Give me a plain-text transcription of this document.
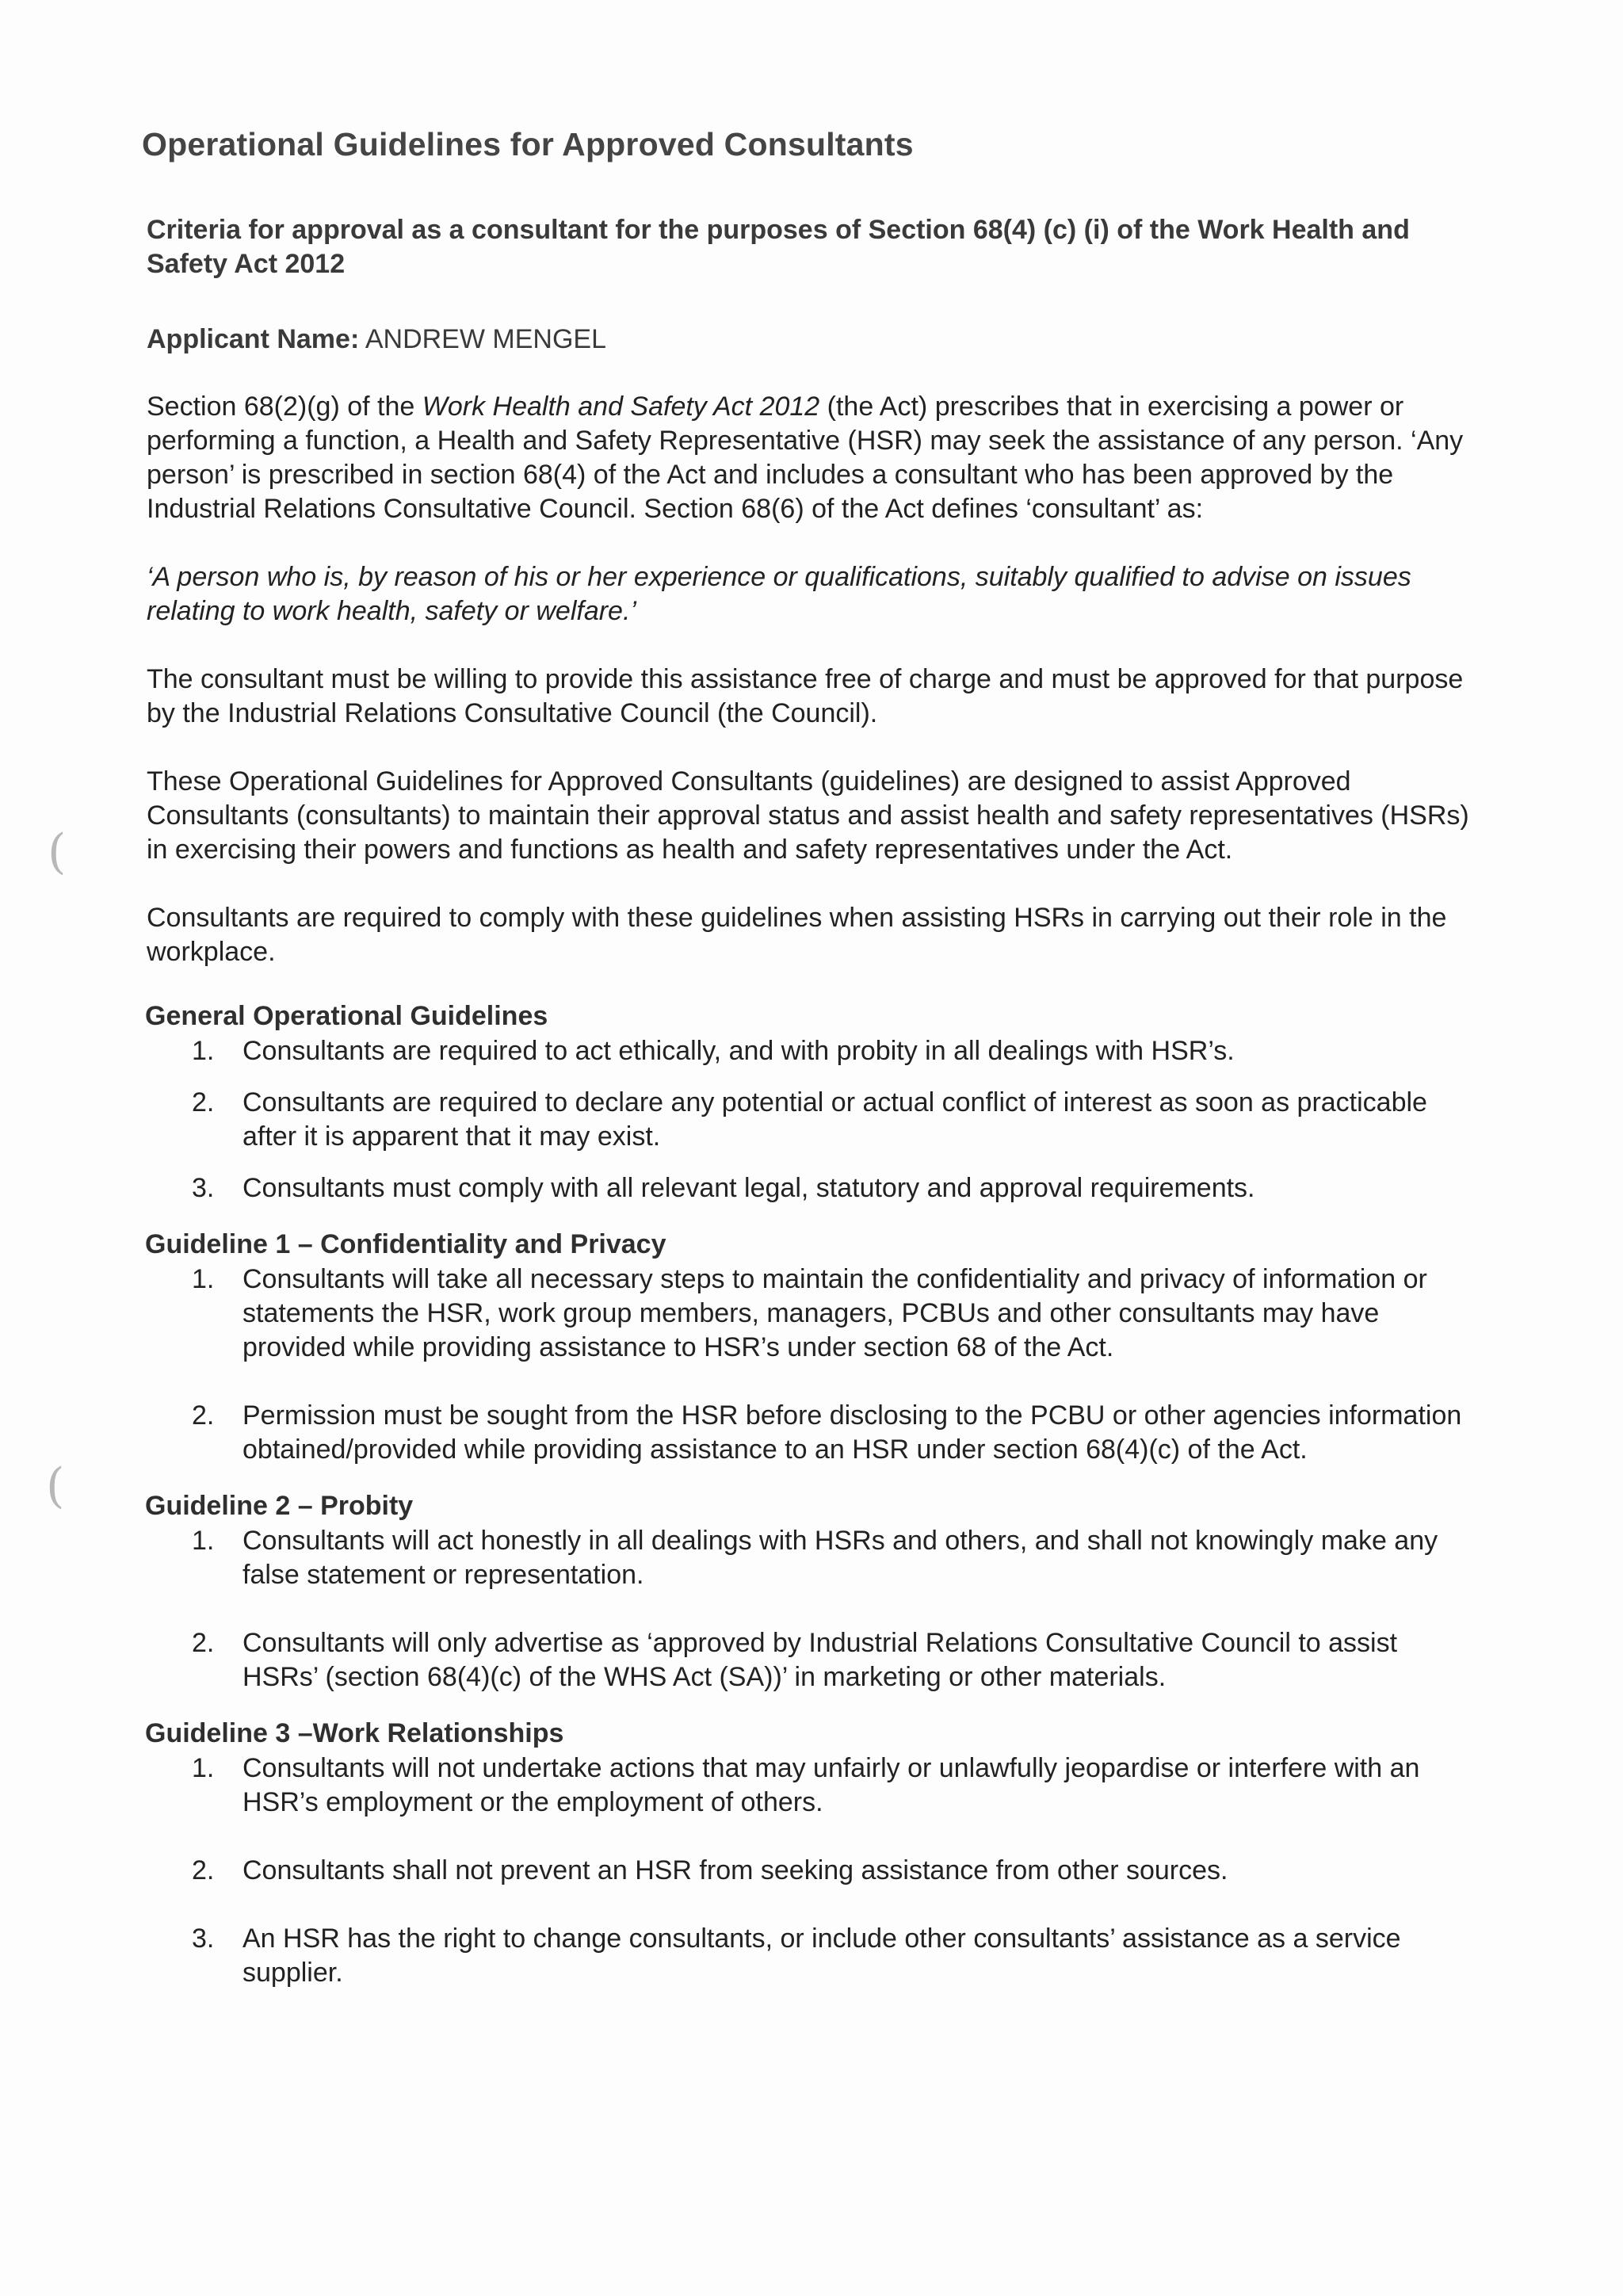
(
(
Operational Guidelines for Approved Consultants
Criteria for approval as a consultant for the purposes of Section 68(4) (c) (i) of the Work Health and Safety Act 2012
Applicant Name: ANDREW MENGEL

Section 68(2)(g) of the Work Health and Safety Act 2012 (the Act) prescribes that in exercising a power or performing a function, a Health and Safety Representative (HSR) may seek the assistance of any person. ‘Any person’ is prescribed in section 68(4) of the Act and includes a consultant who has been approved by the Industrial Relations Consultative Council. Section 68(6) of the Act defines ‘consultant’ as:

‘A person who is, by reason of his or her experience or qualifications, suitably qualified to advise on issues relating to work health, safety or welfare.’

The consultant must be willing to provide this assistance free of charge and must be approved for that purpose by the Industrial Relations Consultative Council (the Council).

These Operational Guidelines for Approved Consultants (guidelines) are designed to assist Approved Consultants (consultants) to maintain their approval status and assist health and safety representatives (HSRs) in exercising their powers and functions as health and safety representatives under the Act.

Consultants are required to comply with these guidelines when assisting HSRs in carrying out their role in the workplace.

General Operational Guidelines
1. Consultants are required to act ethically, and with probity in all dealings with HSR’s.
2. Consultants are required to declare any potential or actual conflict of interest as soon as practicable after it is apparent that it may exist.
3. Consultants must comply with all relevant legal, statutory and approval requirements.
Guideline 1 – Confidentiality and Privacy
1. Consultants will take all necessary steps to maintain the confidentiality and privacy of information or statements the HSR, work group members, managers, PCBUs and other consultants may have provided while providing assistance to HSR’s under section 68 of the Act.
2. Permission must be sought from the HSR before disclosing to the PCBU or other agencies information obtained/provided while providing assistance to an HSR under section 68(4)(c) of the Act.
Guideline 2 – Probity
1. Consultants will act honestly in all dealings with HSRs and others, and shall not knowingly make any false statement or representation.
2. Consultants will only advertise as ‘approved by Industrial Relations Consultative Council to assist HSRs’ (section 68(4)(c) of the WHS Act (SA))’ in marketing or other materials.
Guideline 3 –Work Relationships
1. Consultants will not undertake actions that may unfairly or unlawfully jeopardise or interfere with an HSR’s employment or the employment of others.
2. Consultants shall not prevent an HSR from seeking assistance from other sources.
3. An HSR has the right to change consultants, or include other consultants’ assistance as a service supplier.
